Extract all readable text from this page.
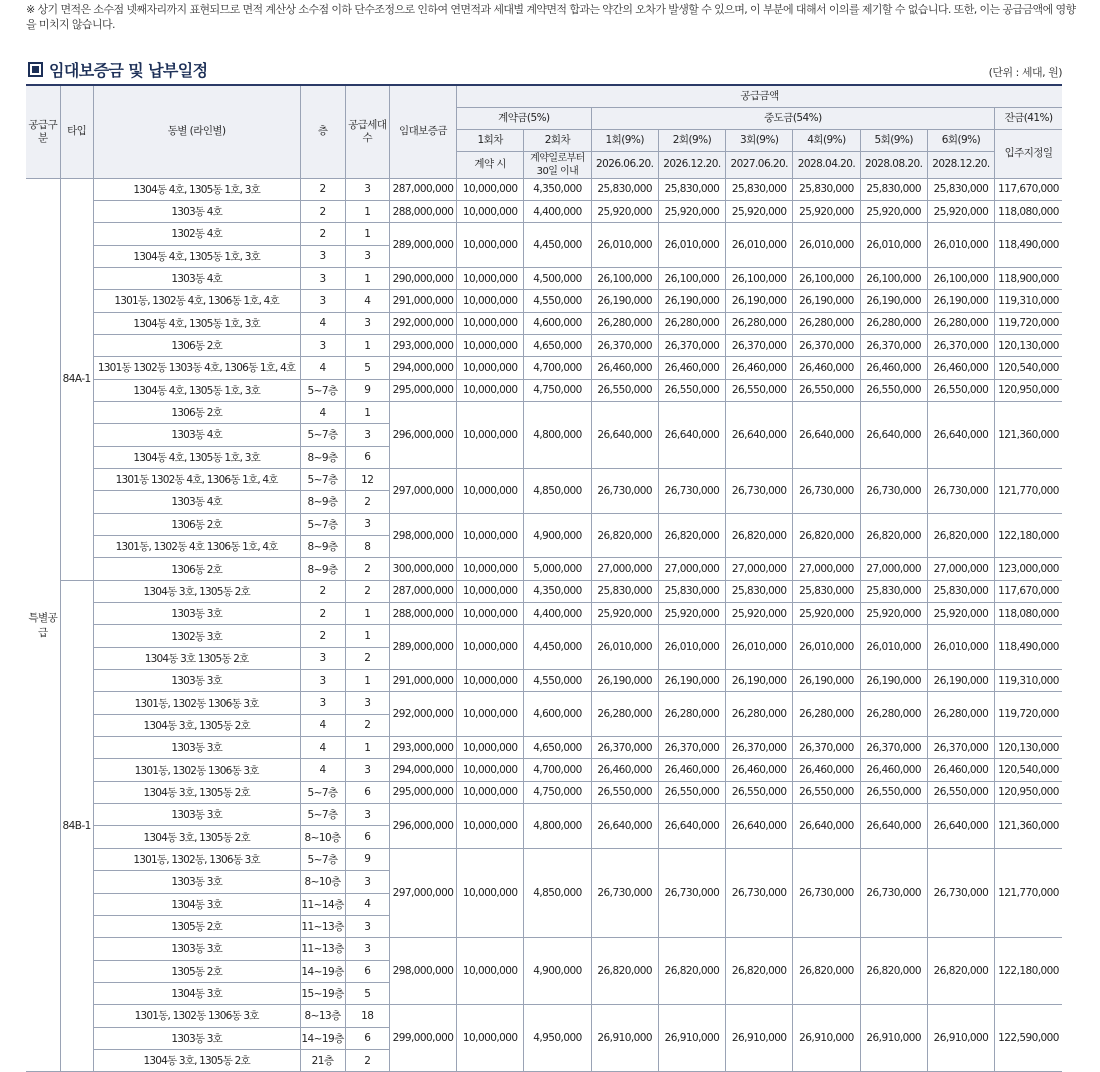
※ 상기 면적은 소수점 넷째자리까지 표현되므로 면적 계산상 소수점 이하 단수조정으로 인하여 연면적과 세대별 계약면적 합과는 약간의 오차가 발생할 수 있으며, 이 부분에 대해서 이의를 제기할 수 없습니다. 또한, 이는 공급금액에 영향을 미치지 않습니다.
임대보증금 및 납부일정	(단위 : 세대, 원)
공급구분	타입	동별 (라인별)	층	공급세대수	임대보증금	공급금액								
						계약금(5%)		중도금(54%)						잔금(41%)
						1회차	2회차	1회(9%)	2회(9%)	3회(9%)	4회(9%)	5회(9%)	6회(9%)	입주지정일
						계약 시	계약일로부터 30일 이내	2026.06.20.	2026.12.20.	2027.06.20.	2028.04.20.	2028.08.20.	2028.12.20.	
특별공급	84A-1	1304동 4호, 1305동 1호, 3호	2	3	287,000,000	10,000,000	4,350,000	25,830,000	25,830,000	25,830,000	25,830,000	25,830,000	25,830,000	117,670,000
		1303동 4호	2	1	288,000,000	10,000,000	4,400,000	25,920,000	25,920,000	25,920,000	25,920,000	25,920,000	25,920,000	118,080,000
		1302동 4호	2	1	289,000,000	10,000,000	4,450,000	26,010,000	26,010,000	26,010,000	26,010,000	26,010,000	26,010,000	118,490,000
		1304동 4호, 1305동 1호, 3호	3	3										
		1303동 4호	3	1	290,000,000	10,000,000	4,500,000	26,100,000	26,100,000	26,100,000	26,100,000	26,100,000	26,100,000	118,900,000
		1301동, 1302동 4호, 1306동 1호, 4호	3	4	291,000,000	10,000,000	4,550,000	26,190,000	26,190,000	26,190,000	26,190,000	26,190,000	26,190,000	119,310,000
		1304동 4호, 1305동 1호, 3호	4	3	292,000,000	10,000,000	4,600,000	26,280,000	26,280,000	26,280,000	26,280,000	26,280,000	26,280,000	119,720,000
		1306동 2호	3	1	293,000,000	10,000,000	4,650,000	26,370,000	26,370,000	26,370,000	26,370,000	26,370,000	26,370,000	120,130,000
		1301동 1302동 1303동 4호, 1306동 1호, 4호	4	5	294,000,000	10,000,000	4,700,000	26,460,000	26,460,000	26,460,000	26,460,000	26,460,000	26,460,000	120,540,000
		1304동 4호, 1305동 1호, 3호	5~7층	9	295,000,000	10,000,000	4,750,000	26,550,000	26,550,000	26,550,000	26,550,000	26,550,000	26,550,000	120,950,000
		1306동 2호	4	1	296,000,000	10,000,000	4,800,000	26,640,000	26,640,000	26,640,000	26,640,000	26,640,000	26,640,000	121,360,000
		1303동 4호	5~7층	3										
		1304동 4호, 1305동 1호, 3호	8~9층	6										
		1301동 1302동 4호, 1306동 1호, 4호	5~7층	12	297,000,000	10,000,000	4,850,000	26,730,000	26,730,000	26,730,000	26,730,000	26,730,000	26,730,000	121,770,000
		1303동 4호	8~9층	2										
		1306동 2호	5~7층	3	298,000,000	10,000,000	4,900,000	26,820,000	26,820,000	26,820,000	26,820,000	26,820,000	26,820,000	122,180,000
		1301동, 1302동 4호 1306동 1호, 4호	8~9층	8										
		1306동 2호	8~9층	2	300,000,000	10,000,000	5,000,000	27,000,000	27,000,000	27,000,000	27,000,000	27,000,000	27,000,000	123,000,000
	84B-1	1304동 3호, 1305동 2호	2	2	287,000,000	10,000,000	4,350,000	25,830,000	25,830,000	25,830,000	25,830,000	25,830,000	25,830,000	117,670,000
		1303동 3호	2	1	288,000,000	10,000,000	4,400,000	25,920,000	25,920,000	25,920,000	25,920,000	25,920,000	25,920,000	118,080,000
		1302동 3호	2	1	289,000,000	10,000,000	4,450,000	26,010,000	26,010,000	26,010,000	26,010,000	26,010,000	26,010,000	118,490,000
		1304동 3호 1305동 2호	3	2										
		1303동 3호	3	1	291,000,000	10,000,000	4,550,000	26,190,000	26,190,000	26,190,000	26,190,000	26,190,000	26,190,000	119,310,000
		1301동, 1302동 1306동 3호	3	3	292,000,000	10,000,000	4,600,000	26,280,000	26,280,000	26,280,000	26,280,000	26,280,000	26,280,000	119,720,000
		1304동 3호, 1305동 2호	4	2										
		1303동 3호	4	1	293,000,000	10,000,000	4,650,000	26,370,000	26,370,000	26,370,000	26,370,000	26,370,000	26,370,000	120,130,000
		1301동, 1302동 1306동 3호	4	3	294,000,000	10,000,000	4,700,000	26,460,000	26,460,000	26,460,000	26,460,000	26,460,000	26,460,000	120,540,000
		1304동 3호, 1305동 2호	5~7층	6	295,000,000	10,000,000	4,750,000	26,550,000	26,550,000	26,550,000	26,550,000	26,550,000	26,550,000	120,950,000
		1303동 3호	5~7층	3	296,000,000	10,000,000	4,800,000	26,640,000	26,640,000	26,640,000	26,640,000	26,640,000	26,640,000	121,360,000
		1304동 3호, 1305동 2호	8~10층	6										
		1301동, 1302동, 1306동 3호	5~7층	9	297,000,000	10,000,000	4,850,000	26,730,000	26,730,000	26,730,000	26,730,000	26,730,000	26,730,000	121,770,000
		1303동 3호	8~10층	3										
		1304동 3호	11~14층	4										
		1305동 2호	11~13층	3										
		1303동 3호	11~13층	3	298,000,000	10,000,000	4,900,000	26,820,000	26,820,000	26,820,000	26,820,000	26,820,000	26,820,000	122,180,000
		1305동 2호	14~19층	6										
		1304동 3호	15~19층	5										
		1301동, 1302동 1306동 3호	8~13층	18	299,000,000	10,000,000	4,950,000	26,910,000	26,910,000	26,910,000	26,910,000	26,910,000	26,910,000	122,590,000
		1303동 3호	14~19층	6										
		1304동 3호, 1305동 2호	21층	2										
